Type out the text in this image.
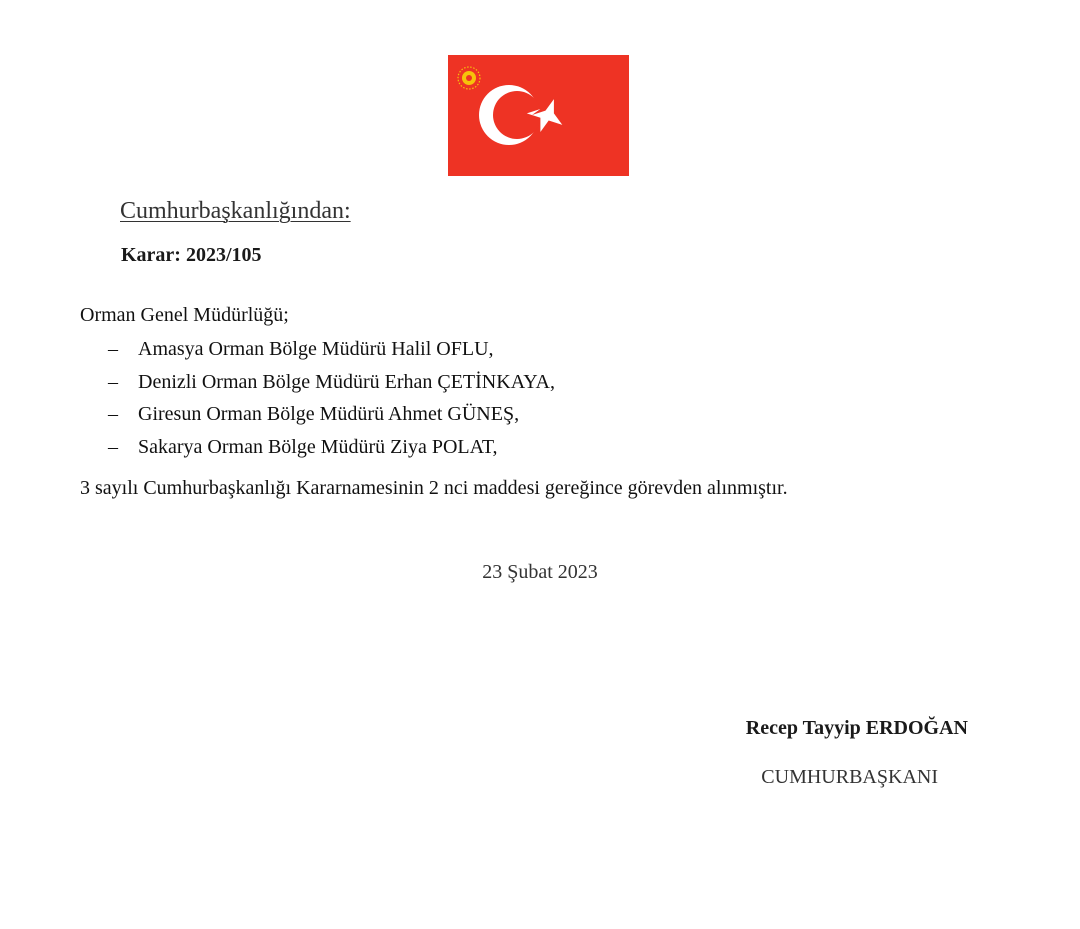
Cumhurbaşkanlığından:
Karar: 2023/105
Orman Genel Müdürlüğü;
– Amasya Orman Bölge Müdürü Halil OFLU,
– Denizli Orman Bölge Müdürü Erhan ÇETİNKAYA,
– Giresun Orman Bölge Müdürü Ahmet GÜNEŞ,
– Sakarya Orman Bölge Müdürü Ziya POLAT,
3 sayılı Cumhurbaşkanlığı Kararnamesinin 2 nci maddesi gereğince görevden alınmıştır.
23 Şubat 2023
Recep Tayyip ERDOĞAN
CUMHURBAŞKANI
